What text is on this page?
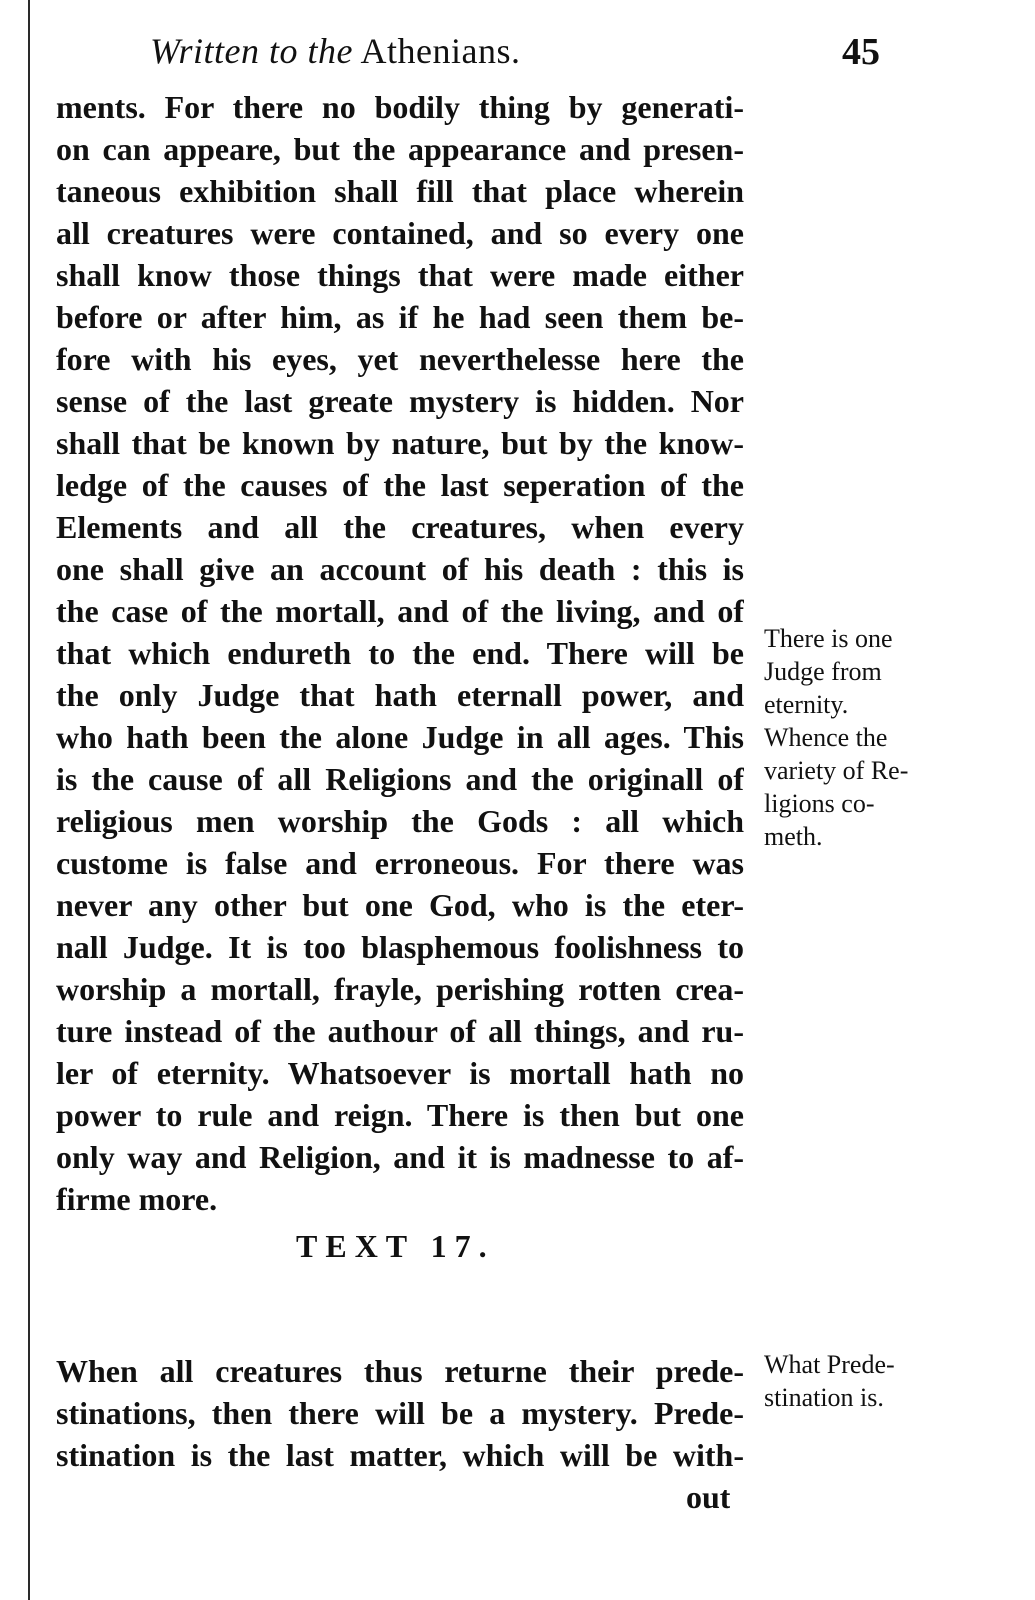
Written to the Athenians.	45
ments. For there no bodily thing by generati-
on can appeare, but the appearance and presen-
taneous exhibition shall fill that place wherein
all creatures were contained, and so every one
shall know those things that were made either
before or after him, as if he had seen them be-
fore with his eyes, yet neverthelesse here the
sense of the last greate mystery is hidden. Nor
shall that be known by nature, but by the know-
ledge of the causes of the last seperation of the
Elements and all the creatures, when every
one shall give an account of his death : this is
the case of the mortall, and of the living, and of
that which endureth to the end. There will be
the only Judge that hath eternall power, and
who hath been the alone Judge in all ages. This
is the cause of all Religions and the originall of
religious men worship the Gods : all which
custome is false and erroneous. For there was
never any other but one God, who is the eter-
nall Judge. It is too blasphemous foolishness to
worship a mortall, frayle, perishing rotten crea-
ture instead of the authour of all things, and ru-
ler of eternity. Whatsoever is mortall hath no
power to rule and reign. There is then but one
only way and Religion, and it is madnesse to af-
firme more.
TEXT 17.
When all creatures thus returne their prede-
stinations, then there will be a mystery. Prede-
stination is the last matter, which will be with-
out
There is one
Judge from
eternity.
Whence the
variety of Re-
ligions co-
meth.
What Prede-
stination is.
